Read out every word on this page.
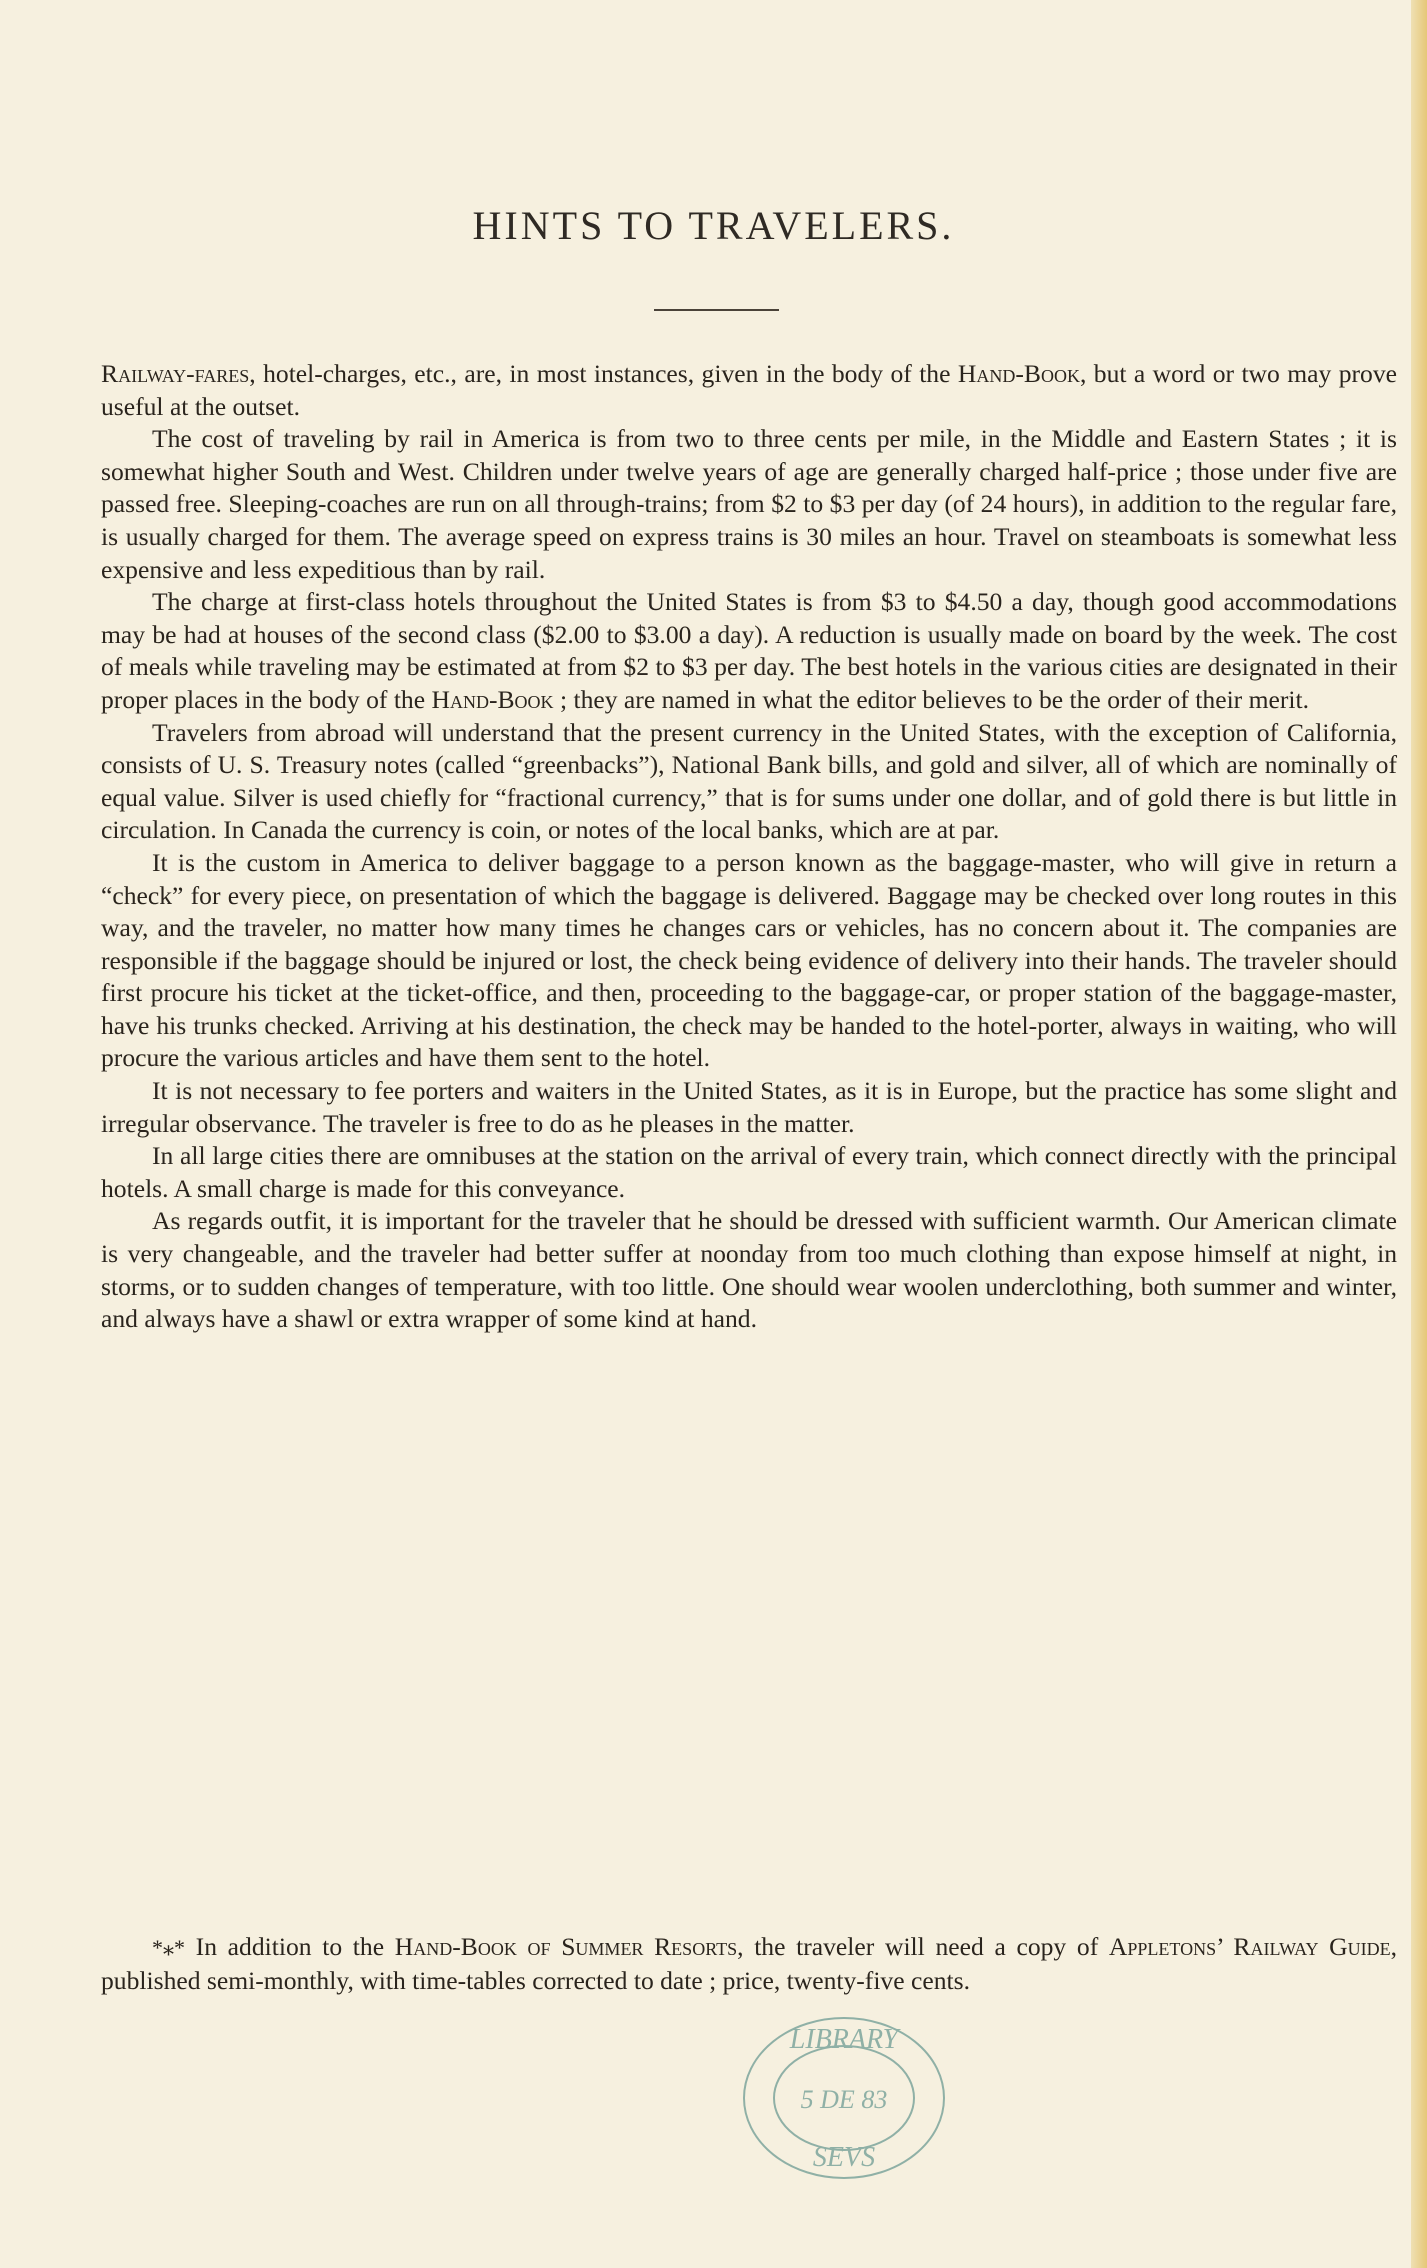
HINTS TO TRAVELERS.

Railway-fares, hotel-charges, etc., are, in most instances, given in the body of the Hand-Book, but a word or two may prove useful at the outset.

The cost of traveling by rail in America is from two to three cents per mile, in the Middle and Eastern States ; it is somewhat higher South and West. Children under twelve years of age are generally charged half-price ; those under five are passed free. Sleeping-coaches are run on all through-trains; from $2 to $3 per day (of 24 hours), in addition to the regular fare, is usually charged for them. The average speed on express trains is 30 miles an hour. Travel on steamboats is somewhat less expensive and less expeditious than by rail.

The charge at first-class hotels throughout the United States is from $3 to $4.50 a day, though good accommodations may be had at houses of the second class ($2.00 to $3.00 a day). A reduction is usually made on board by the week. The cost of meals while traveling may be estimated at from $2 to $3 per day. The best hotels in the various cities are designated in their proper places in the body of the Hand-Book ; they are named in what the editor believes to be the order of their merit.

Travelers from abroad will understand that the present currency in the United States, with the exception of California, consists of U. S. Treasury notes (called “greenbacks”), National Bank bills, and gold and silver, all of which are nominally of equal value. Silver is used chiefly for “fractional currency,” that is for sums under one dollar, and of gold there is but little in circulation. In Canada the currency is coin, or notes of the local banks, which are at par.

It is the custom in America to deliver baggage to a person known as the baggage-master, who will give in return a “check” for every piece, on presentation of which the baggage is delivered. Baggage may be checked over long routes in this way, and the traveler, no matter how many times he changes cars or vehicles, has no concern about it. The companies are responsible if the baggage should be injured or lost, the check being evidence of delivery into their hands. The traveler should first procure his ticket at the ticket-office, and then, proceeding to the baggage-car, or proper station of the baggage-master, have his trunks checked. Arriving at his destination, the check may be handed to the hotel-porter, always in waiting, who will procure the various articles and have them sent to the hotel.

It is not necessary to fee porters and waiters in the United States, as it is in Europe, but the practice has some slight and irregular observance. The traveler is free to do as he pleases in the matter.

In all large cities there are omnibuses at the station on the arrival of every train, which connect directly with the principal hotels. A small charge is made for this conveyance.

As regards outfit, it is important for the traveler that he should be dressed with sufficient warmth. Our American climate is very changeable, and the traveler had better suffer at noonday from too much clothing than expose himself at night, in storms, or to sudden changes of temperature, with too little. One should wear woolen underclothing, both summer and winter, and always have a shawl or extra wrapper of some kind at hand.

*⁎* In addition to the Hand-Book of Summer Resorts, the traveler will need a copy of Appletons’ Railway Guide, published semi-monthly, with time-tables corrected to date ; price, twenty-five cents.

LIBRARY
5 DE 83
SEVS
